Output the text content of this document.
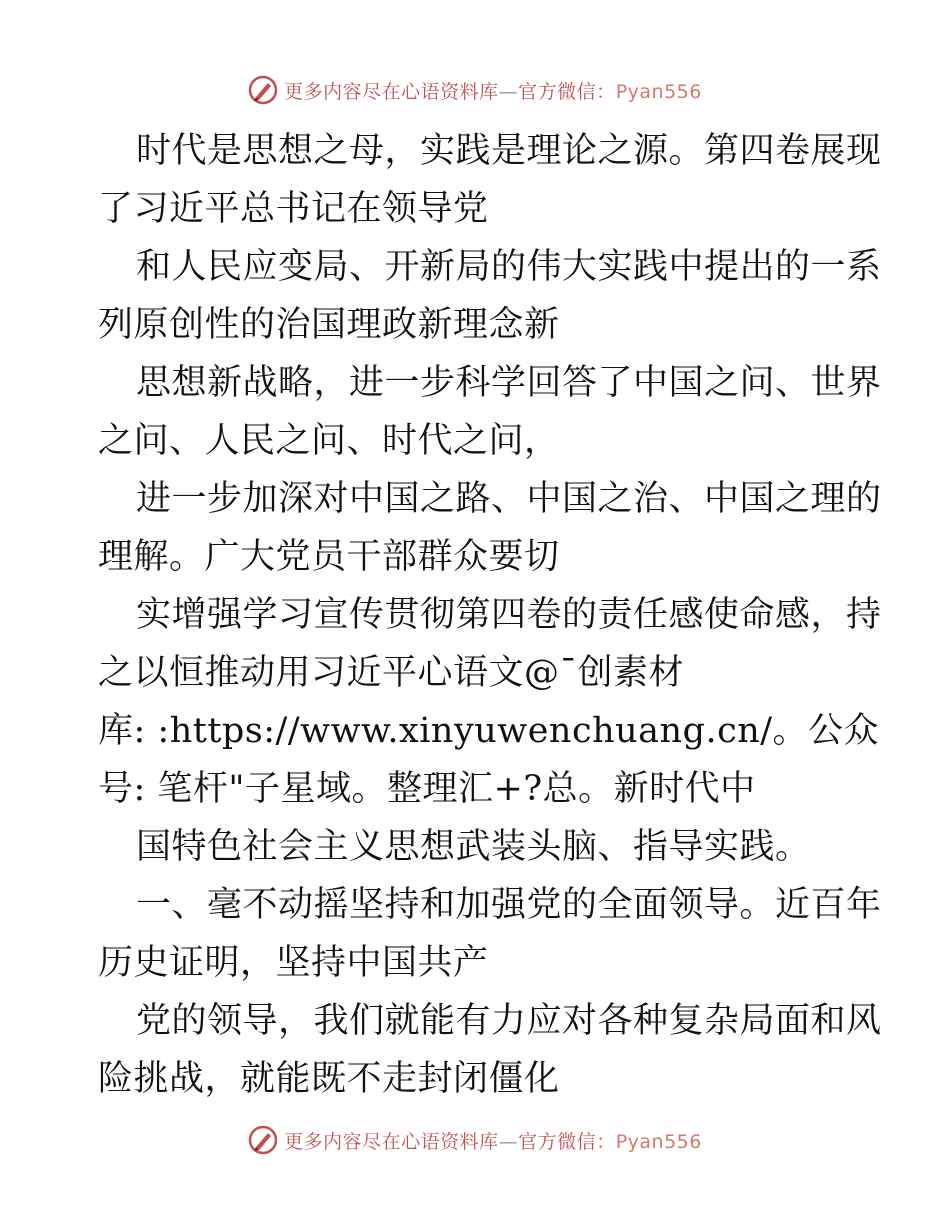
更多内容尽在心语资料库—官方微信：Pyan556
时代是思想之母，实践是理论之源。第四卷展现
了习近平总书记在领导党
和人民应变局、开新局的伟大实践中提出的一系
列原创性的治国理政新理念新
思想新战略，进一步科学回答了中国之问、世界
之问、人民之问、时代之问，
进一步加深对中国之路、中国之治、中国之理的
理解。广大党员干部群众要切
实增强学习宣传贯彻第四卷的责任感使命感，持
之以恒推动用习近平心语文@¯创素材
库: :https://www.xinyuwenchuang.cn/。公众
号: 笔杆"子星域。整理汇+?总。新时代中
国特色社会主义思想武装头脑、指导实践。
一、毫不动摇坚持和加强党的全面领导。近百年
历史证明，坚持中国共产
党的领导，我们就能有力应对各种复杂局面和风
险挑战，就能既不走封闭僵化
更多内容尽在心语资料库—官方微信：Pyan556
